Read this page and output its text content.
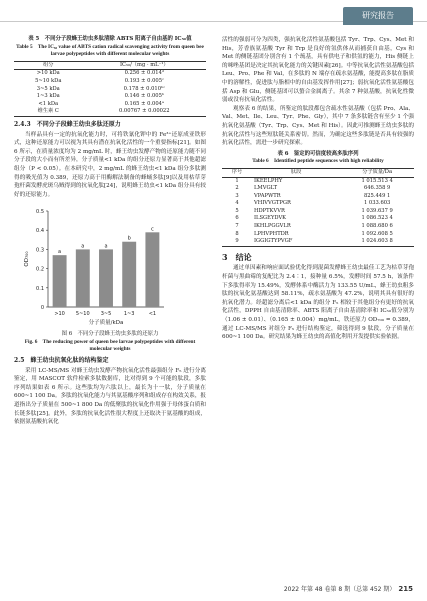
研究报告

表 5　不同分子段蜂王幼虫多肽清除 ABTS 阳离子自由基的 IC₅₀值

Table 5　The IC₅₀ value of ABTS cation radical scavenging activity from queen bee larvae polypeptides with different molecular weights

组分	IC₅₀/（mg · mL⁻¹）
>10 kDa	0.256 ± 0.014ᵈ
5~10 kDa	0.193 ± 0.005ᶜ
3~5 kDa	0.178 ± 0.010ᵇᶜ
1~3 kDa	0.146 ± 0.005ᵇ
<1 kDa	0.165 ± 0.004ᵃ
维生素 C	0.00767 ± 0.00022
2.4.3　不同分子段蜂王幼虫多肽还原力

当样品具有一定的抗氧化能力时，可将铁氰化钾中的 Fe³⁺还原成亚铁形式，这种还原能力可以视为其具有潜在抗氧化活性的一个重要指标[21]。如图 6 所示，在质量浓度均为 2 mg/mL 时，蜂王幼虫发酵产物的还原能力随不同分子段的大小而有所差异，分子质量<1 kDa 的组分还原力显著高于其他超滤组分（P < 0.05）。在本研究中，2 mg/mL 的蜂王幼虫<1 kDa 组分多肽测得的吸光值为 0.389，还原力高于用酶解法制备的蜂蛹多肽[9]以及用枯草芽孢杆菌发酵虎斑乌贼得到的抗氧化肽[24]，说明蜂王幼虫<1 kDa 组分具有较好的还原能力。

0
0.1
0.2
0.3
0.4
0.5
OD₇₀₀	a
>10
a
5~10
a
3~5
b
1~3
c
<1
分子质量/kDa

图 6　不同分子段蜂王幼虫多肽的还原力

Fig. 6　The reducing power of queen bee larvae polypeptides with different molecular weights

2.5　蜂王幼虫抗氧化肽的结构鉴定

采用 LC-MS/MS 对蜂王幼虫发酵产物抗氧化活性最强组分 F₅ 进行分离鉴定，用 MASCOT 软件检索多肽数据库，比对得到 9 个可能的肽段，多肽序列结果如表 6 所示。这些肽均为六肽以上，最长为十一肽，分子质量在 600~1 100 Da。多肽的抗氧化能力与其氨基酸序列和组成存在构效关系，报道指出分子质量在 500~1 800 Da 的低聚肽的抗氧化作用强于母体蛋白质和长链多肽[25]。此外，多肽的抗氧化活性很大程度上还取决于氨基酸的组成，依据氨基酸抗氧化

活性的强弱可分为四类，强抗氧化活性氨基酸包括 Tyr、Trp、Cys、Met 和 His，芳香族氨基酸 Tyr 和 Trp 是良好的氢供体从而捕获自由基，Cys 和 Met 的侧链基团分别含有 1 个巯基，具有供电子和供氢的能力，His 侧链上的咪唑基团是决定其抗氧化能力的关键因素[26]。中等抗氧化活性氨基酸包括 Leu、Pro、Phe 和 Val，在多肽的 N 端存在疏水氨基酸，能提高多肽在脂质中的溶解性，促进肽与脂相中的自由基发挥作用[27]；弱抗氧化活性氨基酸包括 Asp 和 Glu，侧链基团可以螯合金属离子。其余 7 种氨基酸，抗氧化性微弱或没有抗氧化活性。

观察表 6 的结果，所鉴定的肽段都包含疏水性氨基酸（包括 Pro、Ala、Val、Met、Ile、Leu、Tyr、Phe、Gly），其中 7 条多肽链含有至少 1 个强抗氧化氨基酸（Tyr、Trp、Cys、Met 和 His）。因此可推测蜂王幼虫多肽的抗氧化活性与这些短肽链关系密切。然而，为确定这些多肽链是否具有较强的抗氧化活性，需进一步研究探索。

表 6　鉴定的可信度较高多肽序列

Table 6　Identified peptide sequences with high reliability

序号	肽段	分子质量/Da
1	IKEELPHY	1 015.513 4
2	LMVGLT	646.358 9
3	VPAPWTR	825.449 1
4	VHIVVGTPGR	1 033.603
5	HDPTKVVR	1 039.637 9
6	ILSGEYDVK	1 086.523 4
7	IKHLPGGVLR	1 088.680 6
8	LPHVPHTDR	1 092.608 5
9	IGGIGTYPVGF	1 024.603 8
3　结论

通过单因素和响应面试验优化得到混菌发酵蜂王幼虫最佳工艺为枯草芽孢杆菌与黑曲霉的复配比为 2.4∶1，接种量 6.5%，发酵时间 57.5 h，该条件下多肽得率为 15.49%，发酵体系中酶活力为 133.55 U/mL，蜂王幼虫粗多肽的抗氧化氨基酸达到 58.11%，疏水氨基酸为 47.2%，说明其具有很好的抗氧化潜力。经超滤分离后<1 kDa 的组分 F₅ 相较于其他组分有更好的抗氧化活性，DPPH 自由基清除率、ABTS 阳离子自由基清除率和 IC₅₀值分别为（1.06 ± 0.01）、（0.165 ± 0.004）mg/mL，铁还原力 OD₇₀₀ = 0.389，通过 LC-MS/MS 对组分 F₅ 进行结构鉴定，筛选得到 9 肽段，分子质量在 600~1 100 Da。研究结果为蜂王幼虫的高值化利用开发提供实验依据。

2022 年第 48 卷第 8 期（总第 452 期） 215
